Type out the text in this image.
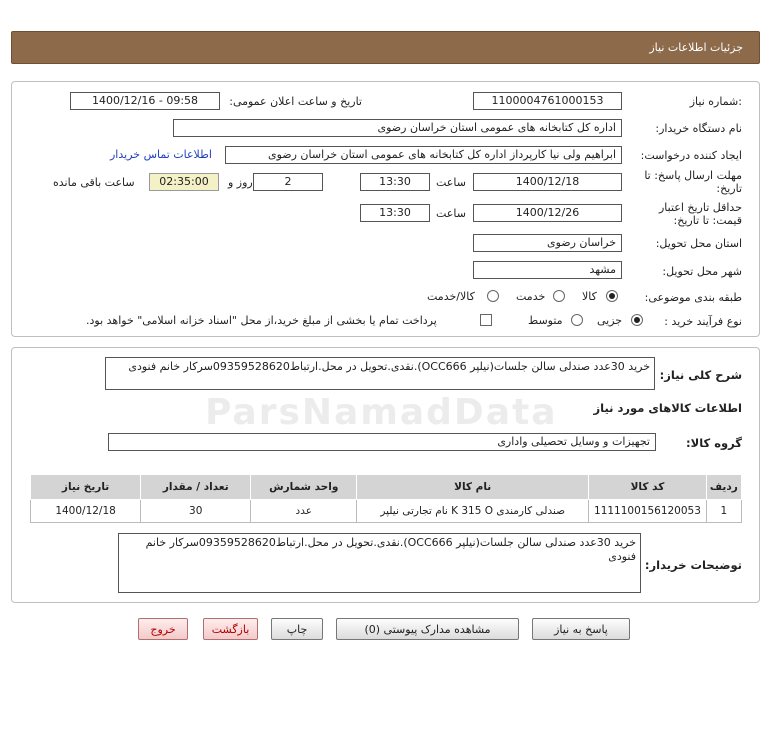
جزئیات اطلاعات نیاز
شماره نیاز:
1100004761000153
تاریخ و ساعت اعلان عمومی:
1400/12/16 - 09:58
نام دستگاه خریدار:
اداره کل کتابخانه های عمومی استان خراسان رضوی
ایجاد کننده درخواست:
ابراهیم ولی نیا کارپرداز اداره کل کتابخانه های عمومی استان خراسان رضوی
اطلاعات تماس خریدار
مهلت ارسال پاسخ: تا
تاریخ:
1400/12/18
ساعت
13:30
2
روز و
02:35:00
ساعت باقی مانده
حداقل تاریخ اعتبار
قیمت: تا تاریخ:
1400/12/26
ساعت
13:30
استان محل تحویل:
خراسان رضوی
شهر محل تحویل:
مشهد
طبقه بندی موضوعی:
کالا
خدمت
کالا/خدمت
نوع فرآیند خرید :
جزیی
متوسط
پرداخت تمام یا بخشی از مبلغ خرید،از محل "اسناد خزانه اسلامی" خواهد بود.
ParsNamadData
شرح کلی نیاز:
خرید 30عدد صندلی سالن جلسات(نیلپر OCC666).نقدی.تحویل در محل.ارتباط09359528620سرکار خانم فنودی
اطلاعات کالاهای مورد نیاز
گروه کالا:
تجهیزات و وسایل تحصیلی واداری
ردیف	کد کالا	نام کالا	واحد شمارش	تعداد / مقدار	تاریخ نیاز
1	1111100156120053	صندلی کارمندی K 315 O نام تجارتی نیلپر	عدد	30	1400/12/18
توضیحات خریدار:
خرید 30عدد صندلی سالن جلسات(نیلپر OCC666).نقدی.تحویل در محل.ارتباط09359528620سرکار خانم فنودی
پاسخ به نیاز
مشاهده مدارک پیوستی (0)
چاپ
بازگشت
خروج
